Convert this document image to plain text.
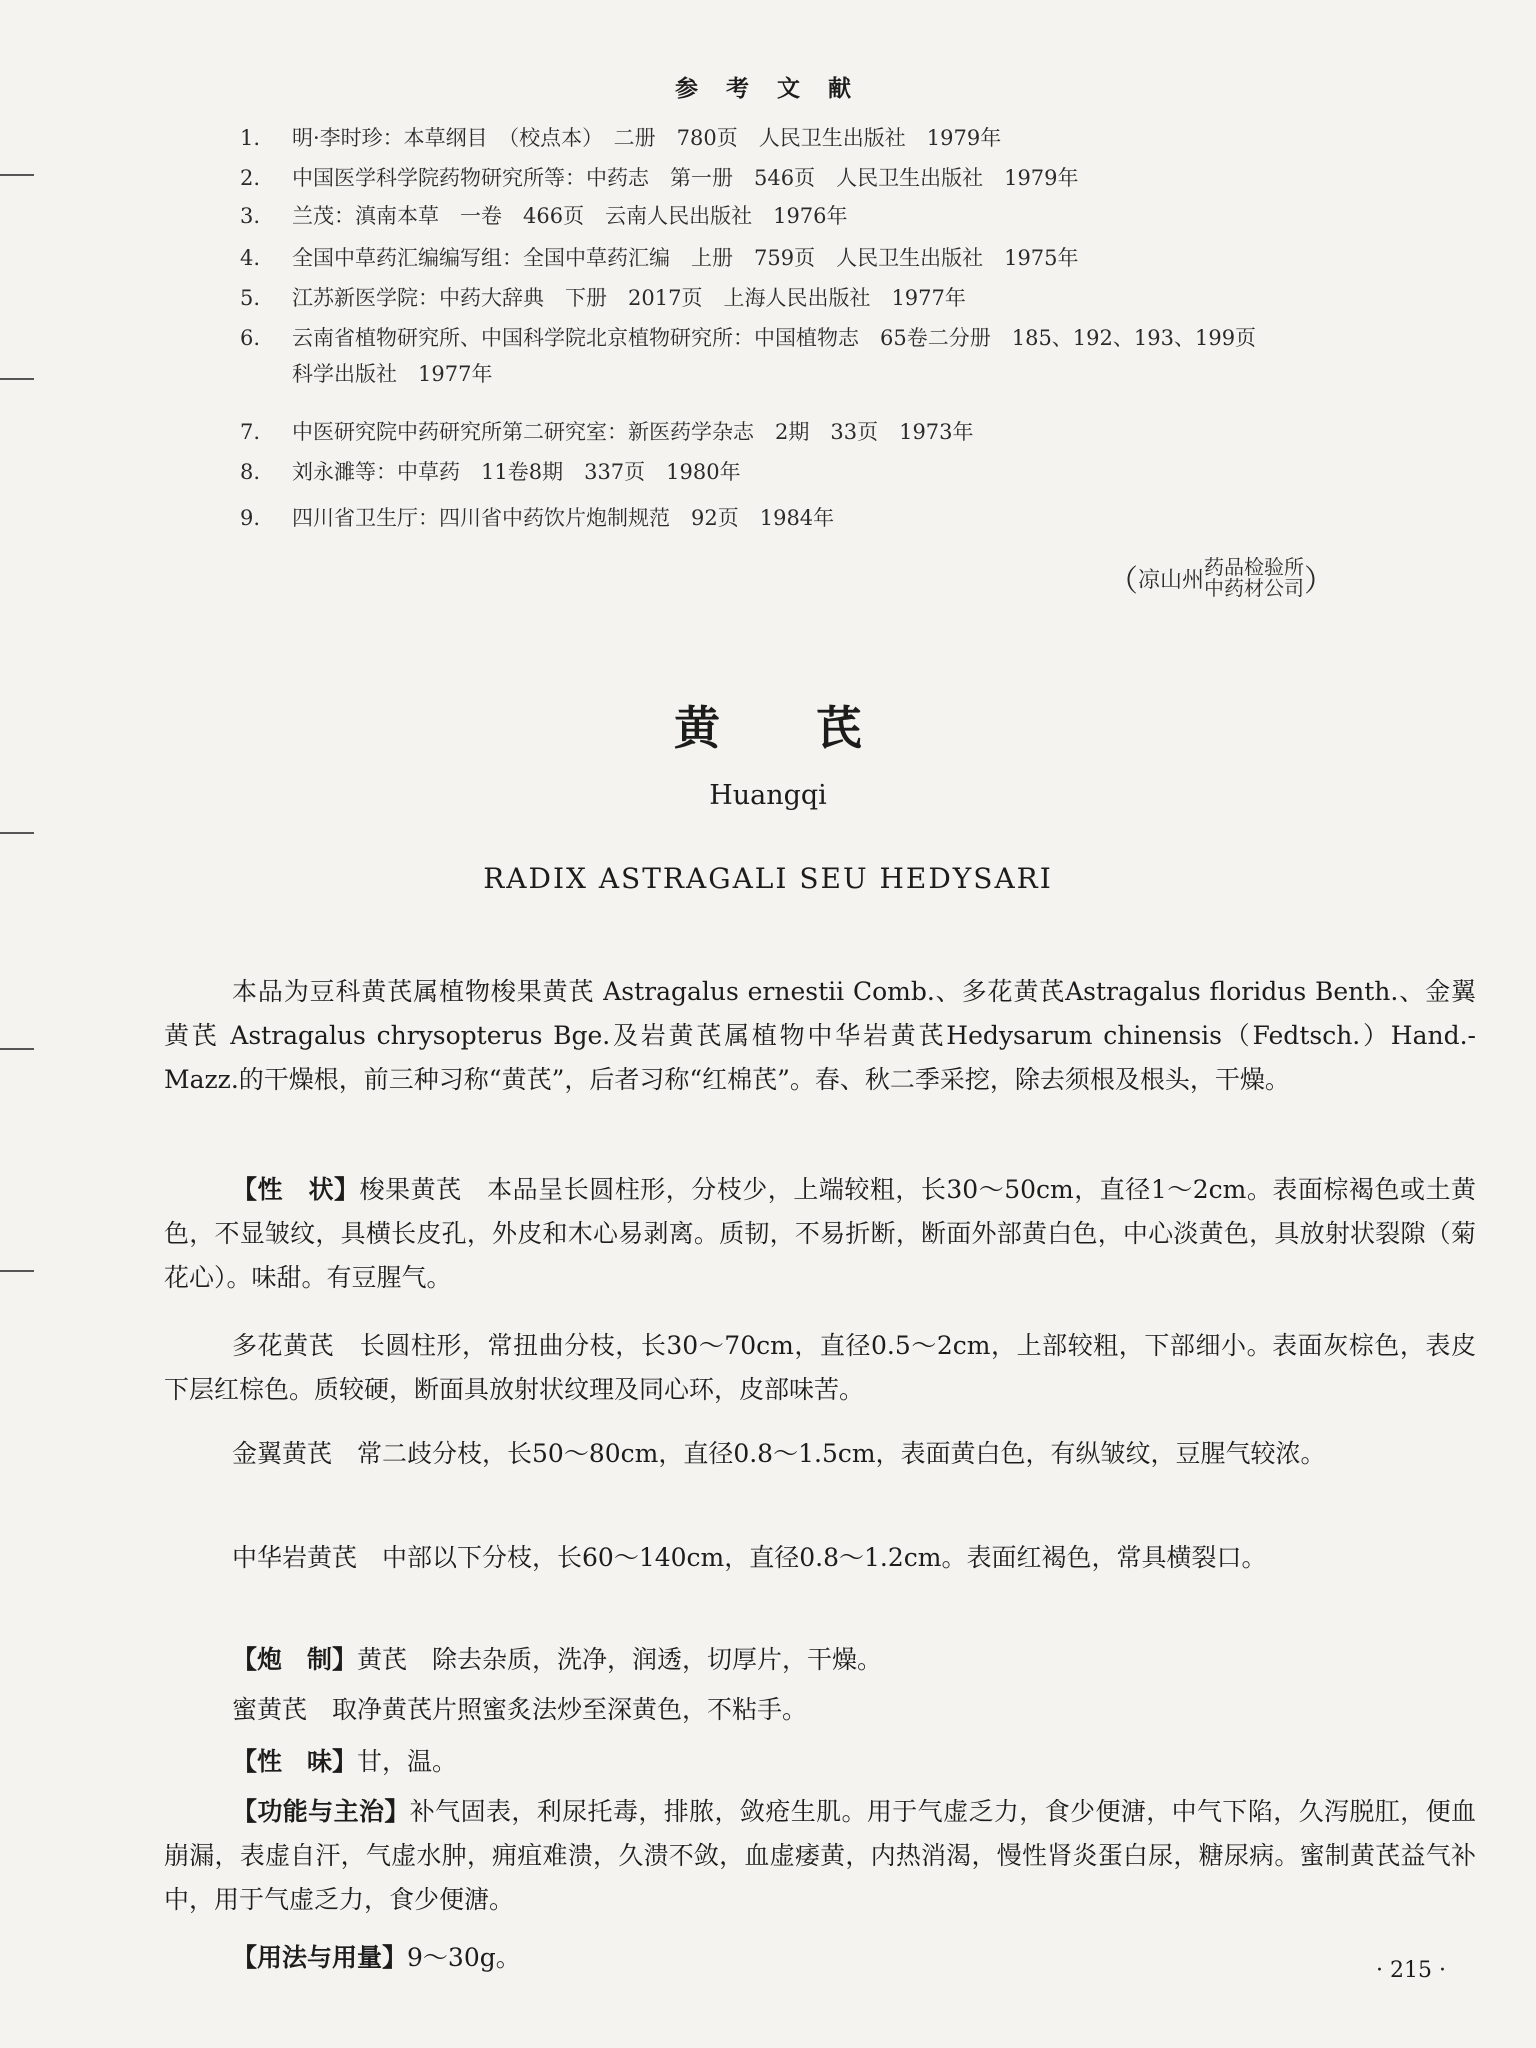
参 考 文 献
1. 明·李时珍：本草纲目　（校点本）　二册　780页　人民卫生出版社　1979年
2. 中国医学科学院药物研究所等：中药志　第一册　546页　人民卫生出版社　1979年
3. 兰茂：滇南本草　一卷　466页　云南人民出版社　1976年
4. 全国中草药汇编编写组：全国中草药汇编　上册　759页　人民卫生出版社　1975年
5. 江苏新医学院：中药大辞典　下册　2017页　上海人民出版社　1977年
6. 云南省植物研究所、中国科学院北京植物研究所：中国植物志　65卷二分册　185、192、193、199页
科学出版社　1977年
7. 中医研究院中药研究所第二研究室：新医药学杂志　2期　33页　1973年
8. 刘永濉等：中草药　11卷8期　337页　1980年
9. 四川省卫生厅：四川省中药饮片炮制规范　92页　1984年
（ 凉山州
药品检验所
中药材公司 ）
黄芪
Huangqi
RADIX ASTRAGALI SEU HEDYSARI
本品为豆科黄芪属植物梭果黄芪 Astragalus ernestii Comb.、多花黄芪Astragalus floridus Benth.、金翼黄芪 Astragalus chrysopterus Bge.及岩黄芪属植物中华岩黄芪Hedysarum chinensis（Fedtsch.）Hand.-Mazz.的干燥根，前三种习称“黄芪”，后者习称“红棉芪”。春、秋二季采挖，除去须根及根头，干燥。
【性　状】梭果黄芪　本品呈长圆柱形，分枝少，上端较粗，长30～50cm，直径1～2cm。表面棕褐色或土黄色，不显皱纹，具横长皮孔，外皮和木心易剥离。质韧，不易折断，断面外部黄白色，中心淡黄色，具放射状裂隙（菊花心）。味甜。有豆腥气。
多花黄芪　长圆柱形，常扭曲分枝，长30～70cm，直径0.5～2cm，上部较粗，下部细小。表面灰棕色，表皮下层红棕色。质较硬，断面具放射状纹理及同心环，皮部味苦。
金翼黄芪　常二歧分枝，长50～80cm，直径0.8～1.5cm，表面黄白色，有纵皱纹，豆腥气较浓。
中华岩黄芪　中部以下分枝，长60～140cm，直径0.8～1.2cm。表面红褐色，常具横裂口。
【炮　制】黄芪　除去杂质，洗净，润透，切厚片，干燥。
蜜黄芪　取净黄芪片照蜜炙法炒至深黄色，不粘手。
【性　味】甘，温。
【功能与主治】补气固表，利尿托毒，排脓，敛疮生肌。用于气虚乏力，食少便溏，中气下陷，久泻脱肛，便血崩漏，表虚自汗，气虚水肿，痈疽难溃，久溃不敛，血虚痿黄，内热消渴，慢性肾炎蛋白尿，糖尿病。蜜制黄芪益气补中，用于气虚乏力，食少便溏。
【用法与用量】9～30g。	· 215 ·
